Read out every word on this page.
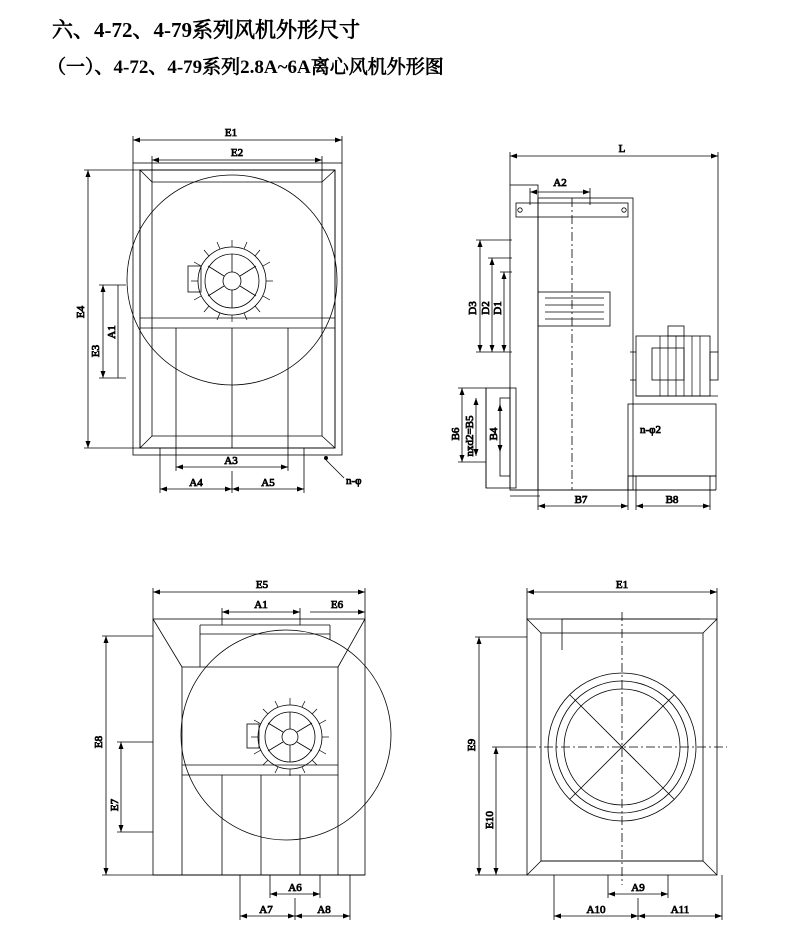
六、4-72、4-79系列风机外形尺寸
（一）、4-72、4-79系列2.8A~6A离心风机外形图
E1
E2
E4
E3
A1
A3
A4	A5	n-φ
L
A2
D3 D2 D1
B6 nxd2=B5 B4	n-φ2
B7	B8
E5
A1	E6
E8
E7
A6
A7	A8
E1
E9
E10
A9
A10	A11
